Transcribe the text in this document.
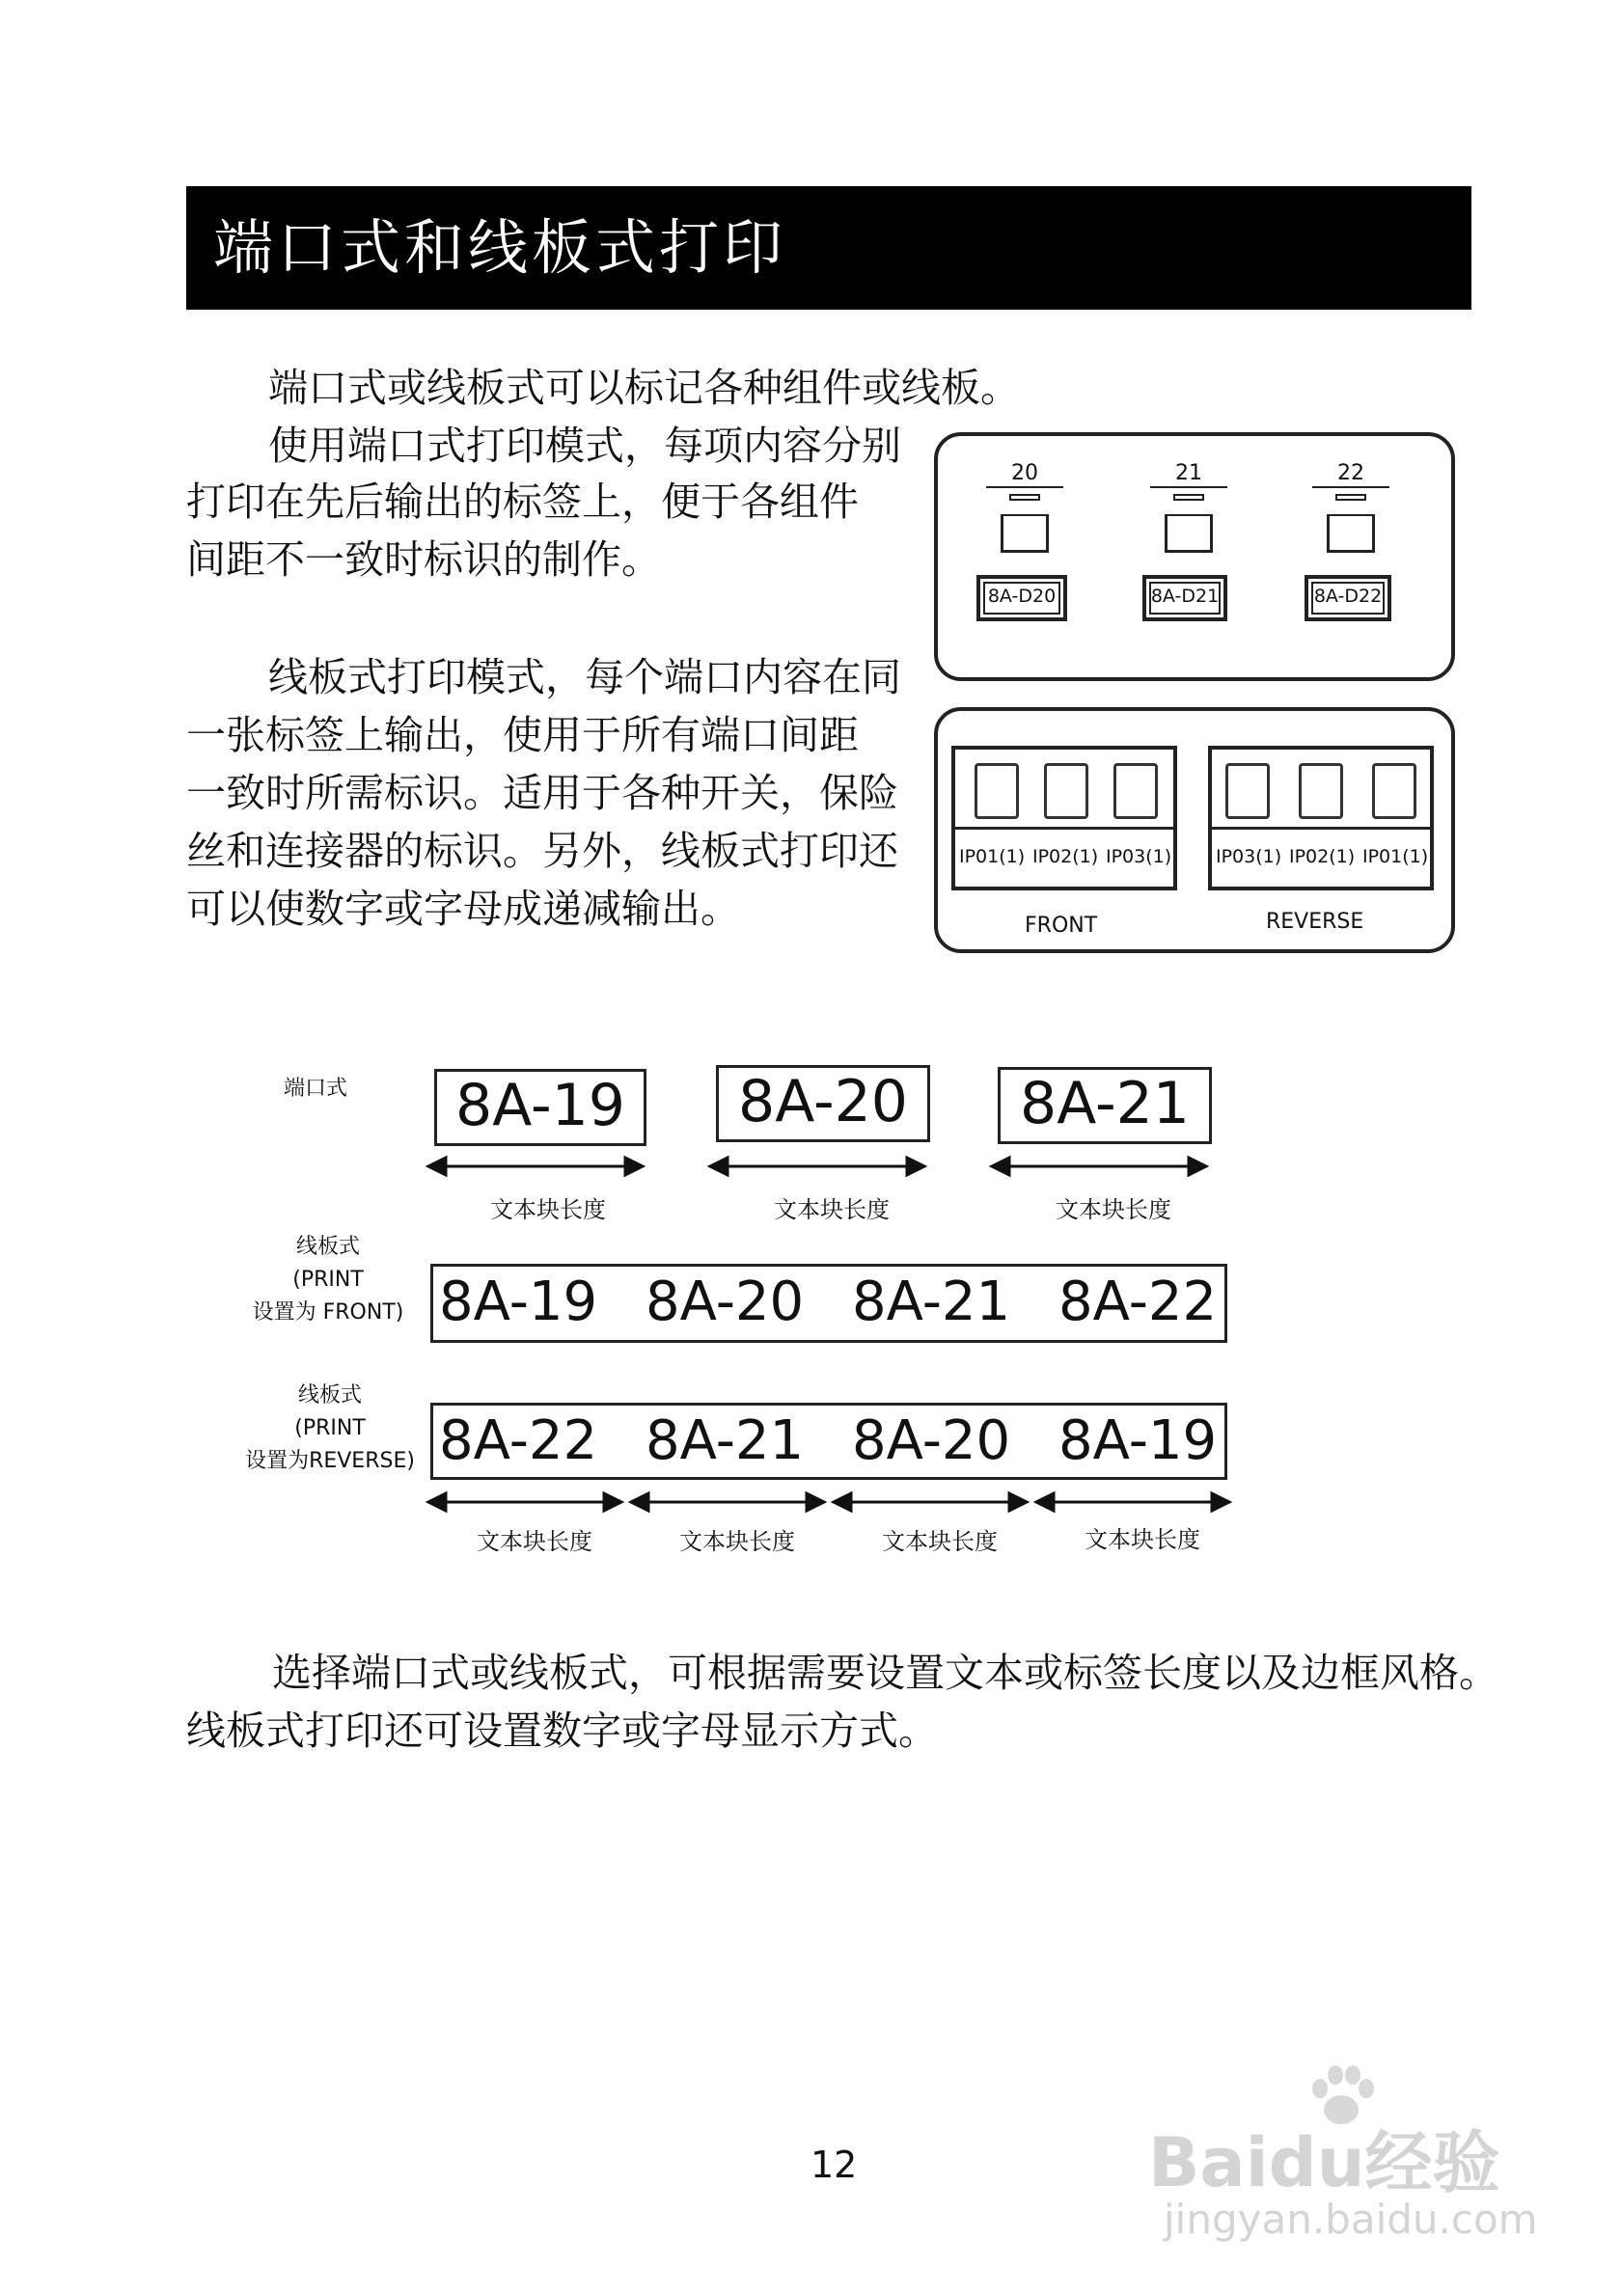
端口式和线板式打印
端口式或线板式可以标记各种组件或线板。
使用端口式打印模式，每项内容分别
打印在先后输出的标签上，便于各组件
间距不一致时标识的制作。
线板式打印模式，每个端口内容在同
一张标签上输出，使用于所有端口间距
一致时所需标识。适用于各种开关，保险
丝和连接器的标识。另外，线板式打印还
可以使数字或字母成递减输出。
20
8A-D20
21
8A-D21
22
8A-D22
IP01(1) IP02(1) IP03(1)
FRONT
IP03(1) IP02(1) IP01(1)
REVERSE
端口式	8A-19	8A-20	8A-21
文本块长度	文本块长度	文本块长度
线板式
(PRINT
设置为 FRONT) 8A-19 8A-20 8A-21 8A-22
线板式
(PRINT
设置为REVERSE) 8A-22 8A-21 8A-20 8A-19
文本块长度	文本块长度	文本块长度	文本块长度
选择端口式或线板式，可根据需要设置文本或标签长度以及边框风格。
线板式打印还可设置数字或字母显示方式。
12	Baidu经验
jingyan.baidu.com
